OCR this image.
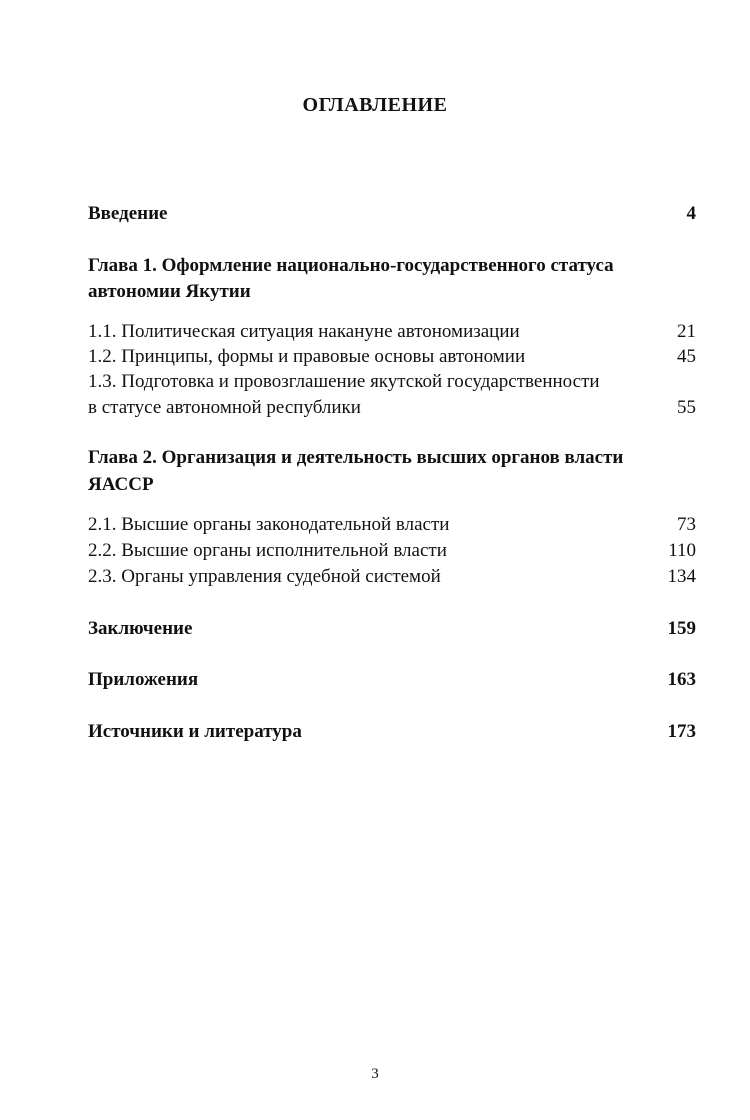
ОГЛАВЛЕНИЕ
Введение	4
Глава 1. Оформление национально-государственного статуса
автономии Якутии
1.1. Политическая ситуация накануне автономизации	21
1.2. Принципы, формы и правовые основы автономии	45
1.3. Подготовка и провозглашение якутской государственности
в статусе автономной республики	55
Глава 2. Организация и деятельность высших органов власти
ЯАССР
2.1. Высшие органы законодательной власти	73
2.2. Высшие органы исполнительной власти	110
2.3. Органы управления судебной системой	134
Заключение	159
Приложения	163
Источники и литература	173
3
